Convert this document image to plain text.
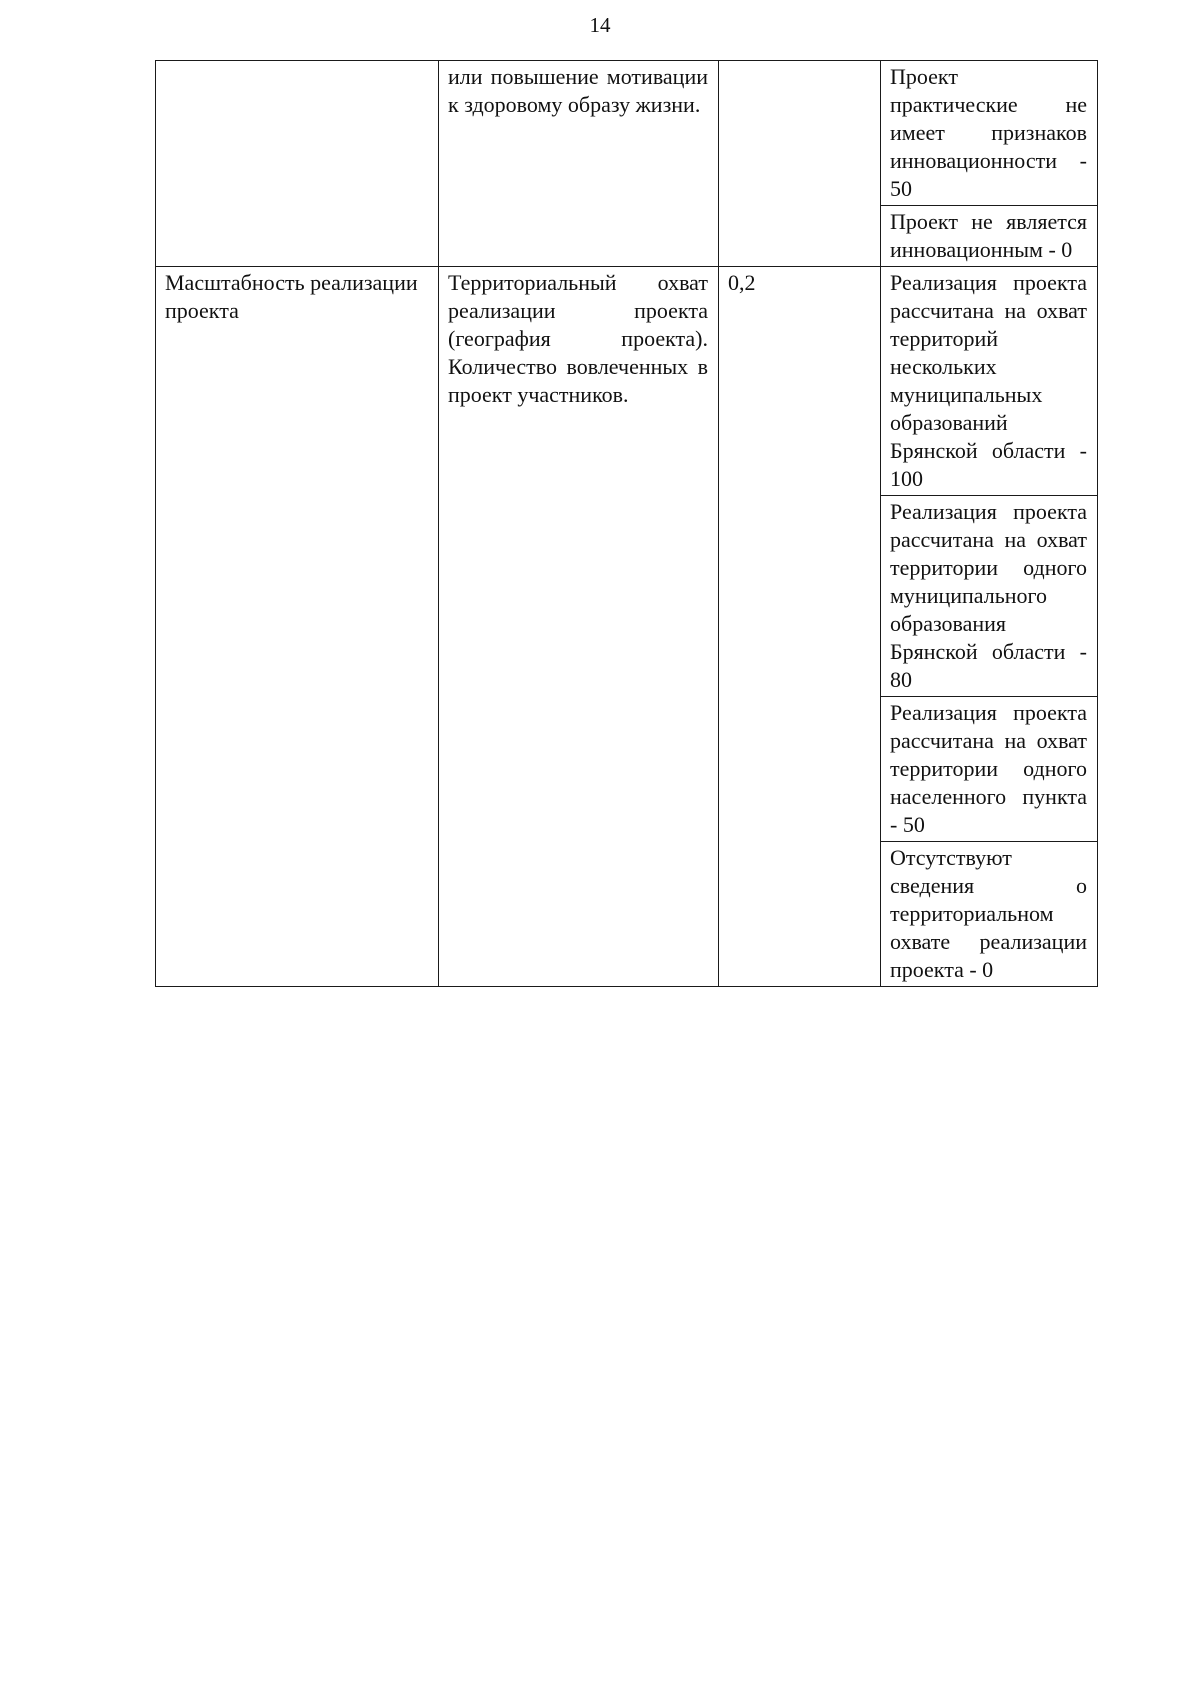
14

	или повышение мотивации к здоровому образу жизни.		Проект практические не имеет признаков инновационности - 50

			Проект не является инновационным - 0

Масштабность реализации проекта	Территориальный охват реализации проекта (география проекта). Количество вовлеченных в проект участников.	0,2	Реализация проекта рассчитана на охват территорий нескольких муниципальных образований Брянской области - 100

			Реализация проекта рассчитана на охват территории одного муниципального образования Брянской области - 80

			Реализация проекта рассчитана на охват территории одного населенного пункта - 50

			Отсутствуют сведения о территориальном охвате реализации проекта - 0
